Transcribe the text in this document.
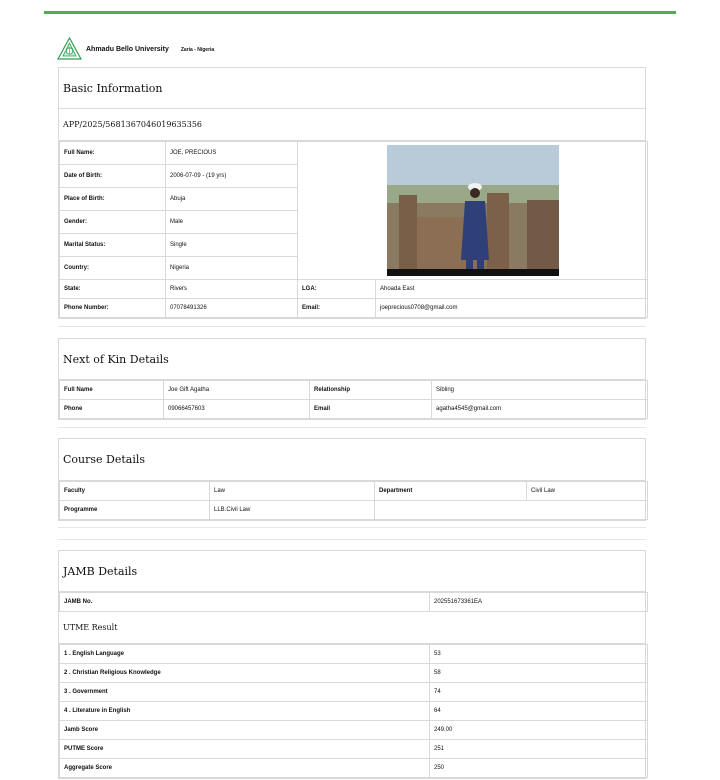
Ahmadu Bello University Zaria - Nigeria
Basic Information
APP/2025/5681367046019635356
Full Name:	JOE, PRECIOUS	
Date of Birth:	2006-07-09 - (19 yrs)		
Place of Birth:	Abuja		
Gender:	Male		
Marital Status:	Single		
Country:	Nigeria		
State:	Rivers	LGA:	Ahoada East
Phone Number:	07078491326	Email:	joeprecious0708@gmail.com
Next of Kin Details
Full Name	Joe Gift Agatha	Relationship	Sibling
Phone	09066457603	Email	agatha4545@gmail.com
Course Details
Faculty	Law	Department	Civil Law
Programme	LLB.Civil Law		
JAMB Details
JAMB No.	202551673361EA
UTME Result
1 . English Language	53
2 . Christian Religious Knowledge	58
3 . Government	74
4 . Literature in English	64
Jamb Score	249.00
PUTME Score	251
Aggregate Score	250
